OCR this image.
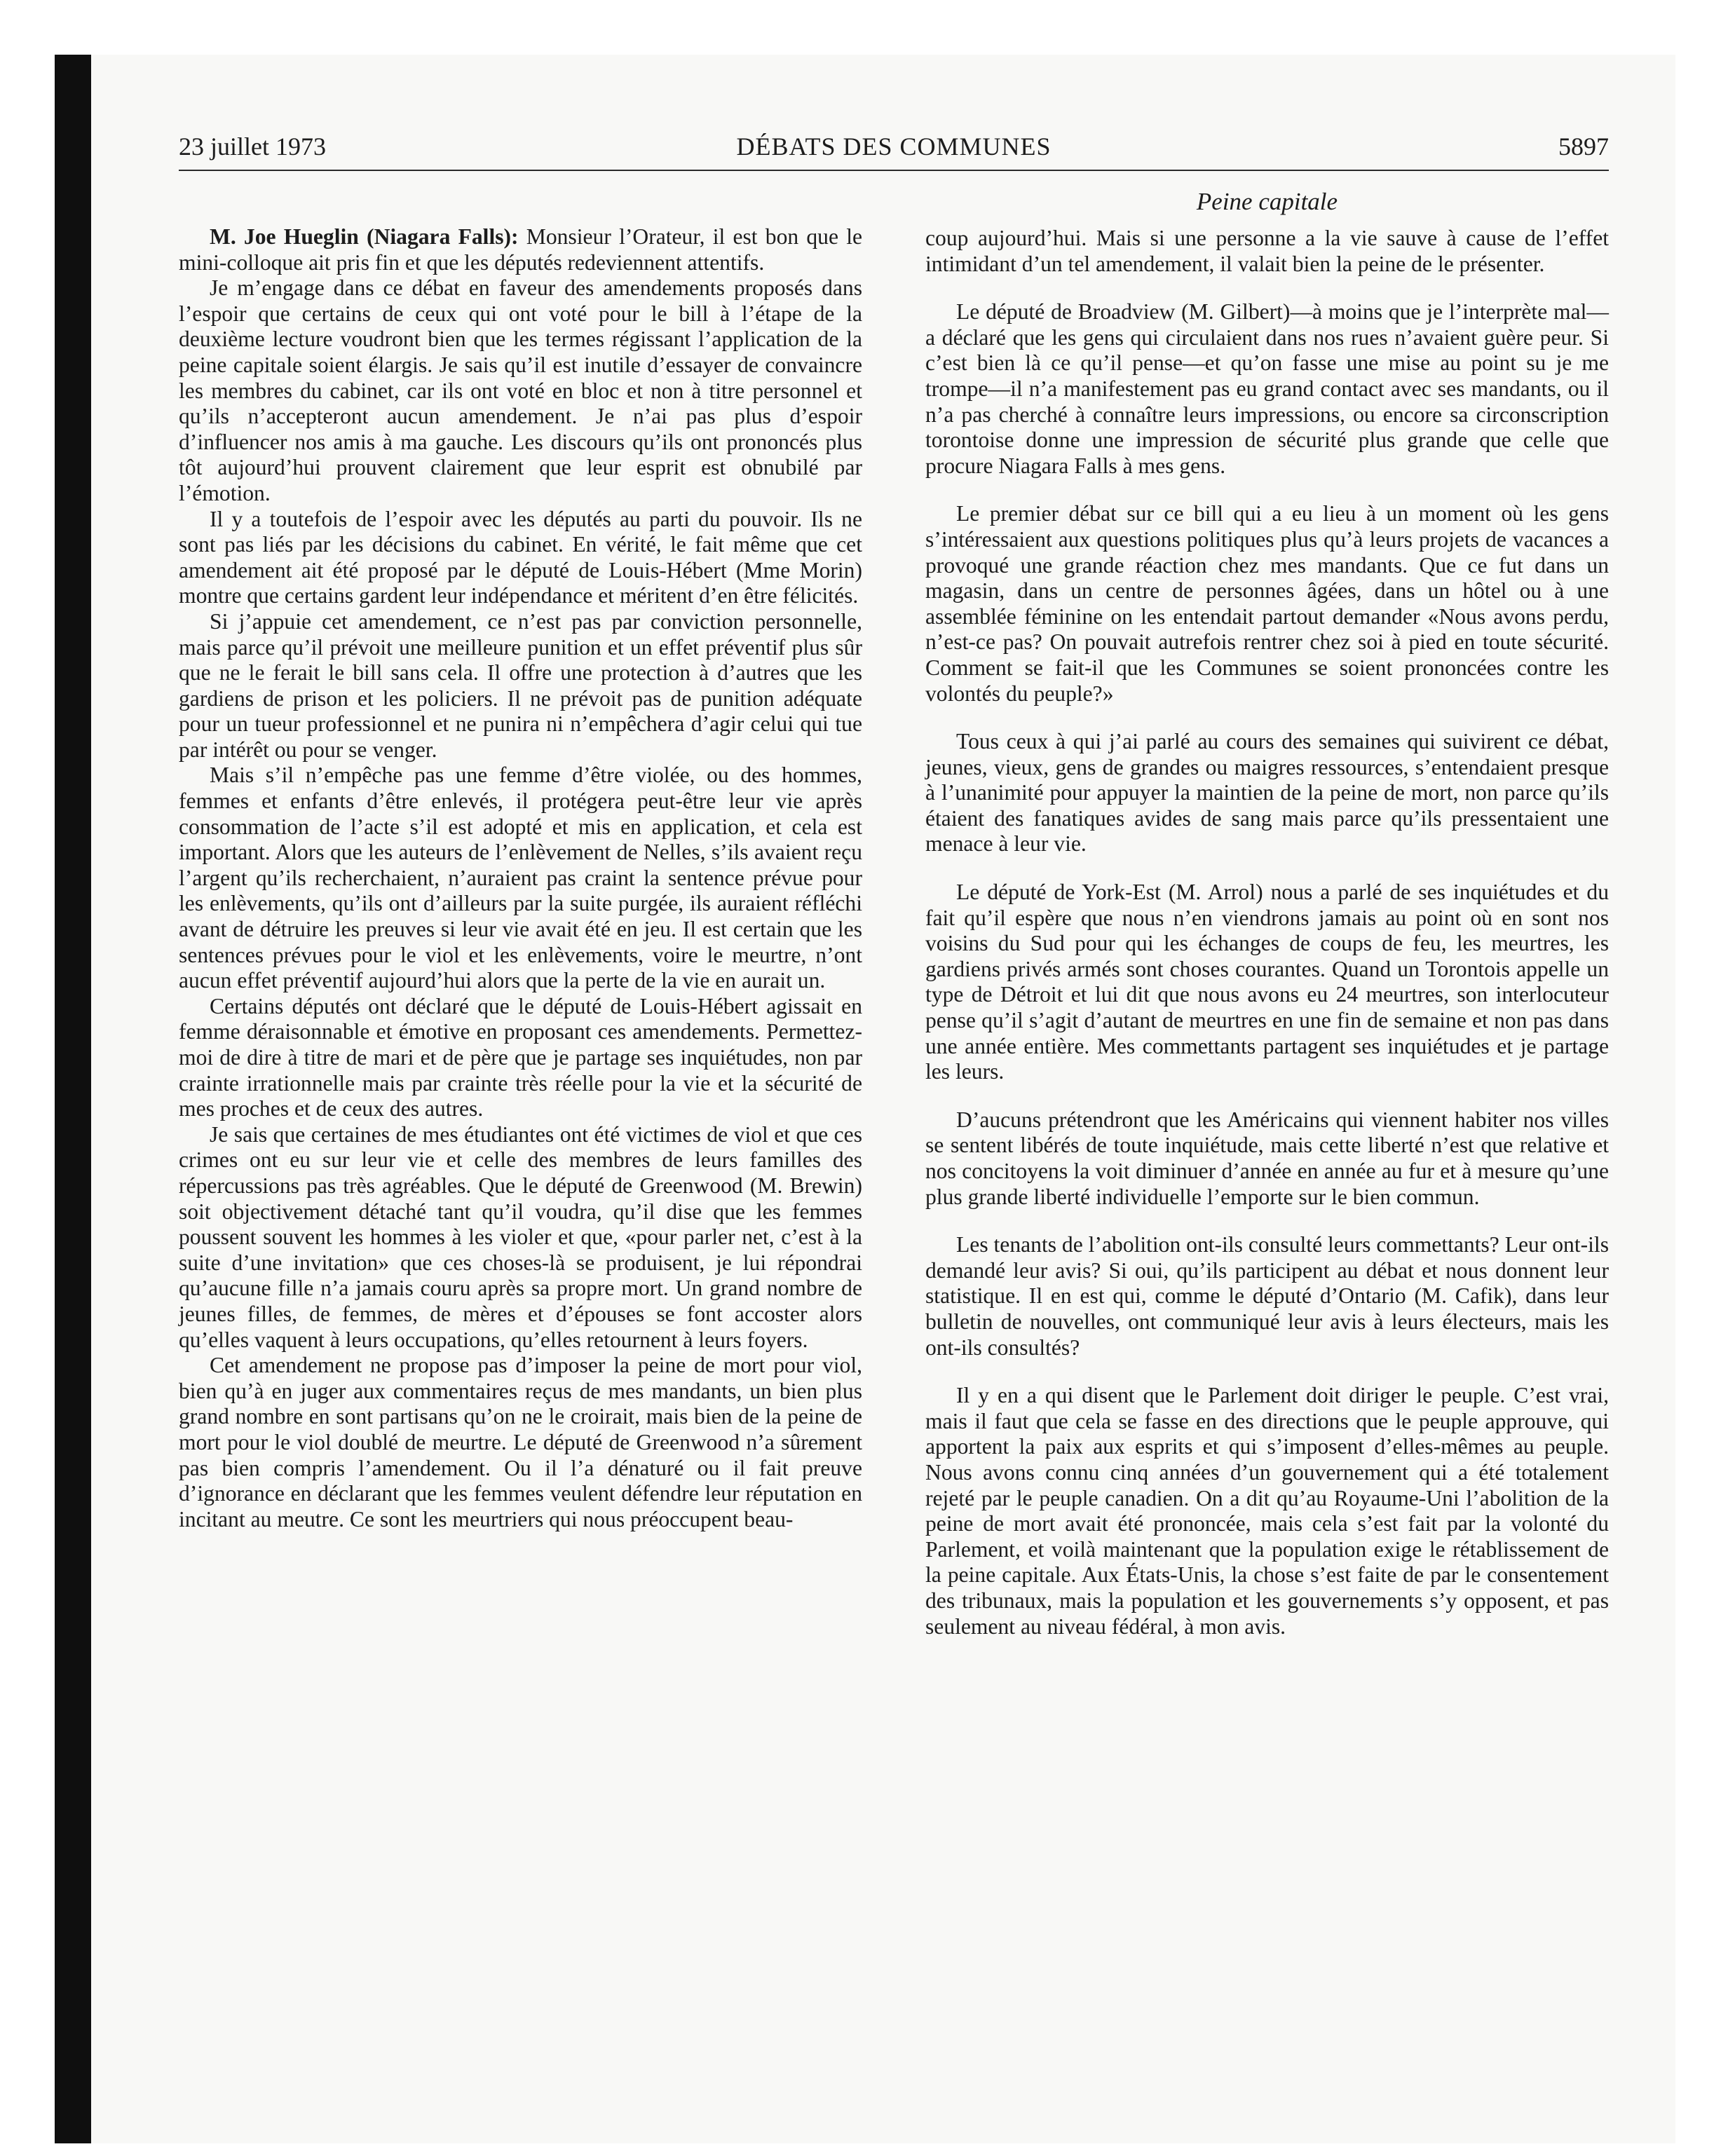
23 juillet 1973	DÉBATS DES COMMUNES	5897
Peine capitale

M. Joe Hueglin (Niagara Falls): Monsieur l’Orateur, il est bon que le mini-colloque ait pris fin et que les députés redeviennent attentifs.

Je m’engage dans ce débat en faveur des amendements proposés dans l’espoir que certains de ceux qui ont voté pour le bill à l’étape de la deuxième lecture voudront bien que les termes régissant l’application de la peine capitale soient élargis. Je sais qu’il est inutile d’essayer de convaincre les membres du cabinet, car ils ont voté en bloc et non à titre personnel et qu’ils n’accepteront aucun amendement. Je n’ai pas plus d’espoir d’influencer nos amis à ma gauche. Les discours qu’ils ont prononcés plus tôt aujourd’hui prouvent clairement que leur esprit est obnubilé par l’émotion.

Il y a toutefois de l’espoir avec les députés au parti du pouvoir. Ils ne sont pas liés par les décisions du cabinet. En vérité, le fait même que cet amendement ait été proposé par le député de Louis-Hébert (Mme Morin) montre que certains gardent leur indépendance et méritent d’en être félicités.

Si j’appuie cet amendement, ce n’est pas par conviction personnelle, mais parce qu’il prévoit une meilleure punition et un effet préventif plus sûr que ne le ferait le bill sans cela. Il offre une protection à d’autres que les gardiens de prison et les policiers. Il ne prévoit pas de punition adéquate pour un tueur professionnel et ne punira ni n’empêchera d’agir celui qui tue par intérêt ou pour se venger.

Mais s’il n’empêche pas une femme d’être violée, ou des hommes, femmes et enfants d’être enlevés, il protégera peut-être leur vie après consommation de l’acte s’il est adopté et mis en application, et cela est important. Alors que les auteurs de l’enlèvement de Nelles, s’ils avaient reçu l’argent qu’ils recherchaient, n’auraient pas craint la sentence prévue pour les enlèvements, qu’ils ont d’ailleurs par la suite purgée, ils auraient réfléchi avant de détruire les preuves si leur vie avait été en jeu. Il est certain que les sentences prévues pour le viol et les enlèvements, voire le meurtre, n’ont aucun effet préventif aujourd’hui alors que la perte de la vie en aurait un.

Certains députés ont déclaré que le député de Louis-Hébert agissait en femme déraisonnable et émotive en proposant ces amendements. Permettez-moi de dire à titre de mari et de père que je partage ses inquiétudes, non par crainte irrationnelle mais par crainte très réelle pour la vie et la sécurité de mes proches et de ceux des autres.

Je sais que certaines de mes étudiantes ont été victimes de viol et que ces crimes ont eu sur leur vie et celle des membres de leurs familles des répercussions pas très agréables. Que le député de Greenwood (M. Brewin) soit objectivement détaché tant qu’il voudra, qu’il dise que les femmes poussent souvent les hommes à les violer et que, «pour parler net, c’est à la suite d’une invitation» que ces choses-là se produisent, je lui répondrai qu’aucune fille n’a jamais couru après sa propre mort. Un grand nombre de jeunes filles, de femmes, de mères et d’épouses se font accoster alors qu’elles vaquent à leurs occupations, qu’elles retournent à leurs foyers.

Cet amendement ne propose pas d’imposer la peine de mort pour viol, bien qu’à en juger aux commentaires reçus de mes mandants, un bien plus grand nombre en sont partisans qu’on ne le croirait, mais bien de la peine de mort pour le viol doublé de meurtre. Le député de Greenwood n’a sûrement pas bien compris l’amendement. Ou il l’a dénaturé ou il fait preuve d’ignorance en déclarant que les femmes veulent défendre leur réputation en incitant au meutre. Ce sont les meurtriers qui nous préoccupent beau-

coup aujourd’hui. Mais si une personne a la vie sauve à cause de l’effet intimidant d’un tel amendement, il valait bien la peine de le présenter.

Le député de Broadview (M. Gilbert)—à moins que je l’interprète mal—a déclaré que les gens qui circulaient dans nos rues n’avaient guère peur. Si c’est bien là ce qu’il pense—et qu’on fasse une mise au point su je me trompe—il n’a manifestement pas eu grand contact avec ses mandants, ou il n’a pas cherché à connaître leurs impressions, ou encore sa circonscription torontoise donne une impression de sécurité plus grande que celle que procure Niagara Falls à mes gens.

Le premier débat sur ce bill qui a eu lieu à un moment où les gens s’intéressaient aux questions politiques plus qu’à leurs projets de vacances a provoqué une grande réaction chez mes mandants. Que ce fut dans un magasin, dans un centre de personnes âgées, dans un hôtel ou à une assemblée féminine on les entendait partout demander «Nous avons perdu, n’est-ce pas? On pouvait autrefois rentrer chez soi à pied en toute sécurité. Comment se fait-il que les Communes se soient prononcées contre les volontés du peuple?»

Tous ceux à qui j’ai parlé au cours des semaines qui suivirent ce débat, jeunes, vieux, gens de grandes ou maigres ressources, s’entendaient presque à l’unanimité pour appuyer la maintien de la peine de mort, non parce qu’ils étaient des fanatiques avides de sang mais parce qu’ils pressentaient une menace à leur vie.

Le député de York-Est (M. Arrol) nous a parlé de ses inquiétudes et du fait qu’il espère que nous n’en viendrons jamais au point où en sont nos voisins du Sud pour qui les échanges de coups de feu, les meurtres, les gardiens privés armés sont choses courantes. Quand un Torontois appelle un type de Détroit et lui dit que nous avons eu 24 meurtres, son interlocuteur pense qu’il s’agit d’autant de meurtres en une fin de semaine et non pas dans une année entière. Mes commettants partagent ses inquiétudes et je partage les leurs.

D’aucuns prétendront que les Américains qui viennent habiter nos villes se sentent libérés de toute inquiétude, mais cette liberté n’est que relative et nos concitoyens la voit diminuer d’année en année au fur et à mesure qu’une plus grande liberté individuelle l’emporte sur le bien commun.

Les tenants de l’abolition ont-ils consulté leurs commettants? Leur ont-ils demandé leur avis? Si oui, qu’ils participent au débat et nous donnent leur statistique. Il en est qui, comme le député d’Ontario (M. Cafik), dans leur bulletin de nouvelles, ont communiqué leur avis à leurs électeurs, mais les ont-ils consultés?

Il y en a qui disent que le Parlement doit diriger le peuple. C’est vrai, mais il faut que cela se fasse en des directions que le peuple approuve, qui apportent la paix aux esprits et qui s’imposent d’elles-mêmes au peuple. Nous avons connu cinq années d’un gouvernement qui a été totalement rejeté par le peuple canadien. On a dit qu’au Royaume-Uni l’abolition de la peine de mort avait été prononcée, mais cela s’est fait par la volonté du Parlement, et voilà maintenant que la population exige le rétablissement de la peine capitale. Aux États-Unis, la chose s’est faite de par le consentement des tribunaux, mais la population et les gouvernements s’y opposent, et pas seulement au niveau fédéral, à mon avis.
